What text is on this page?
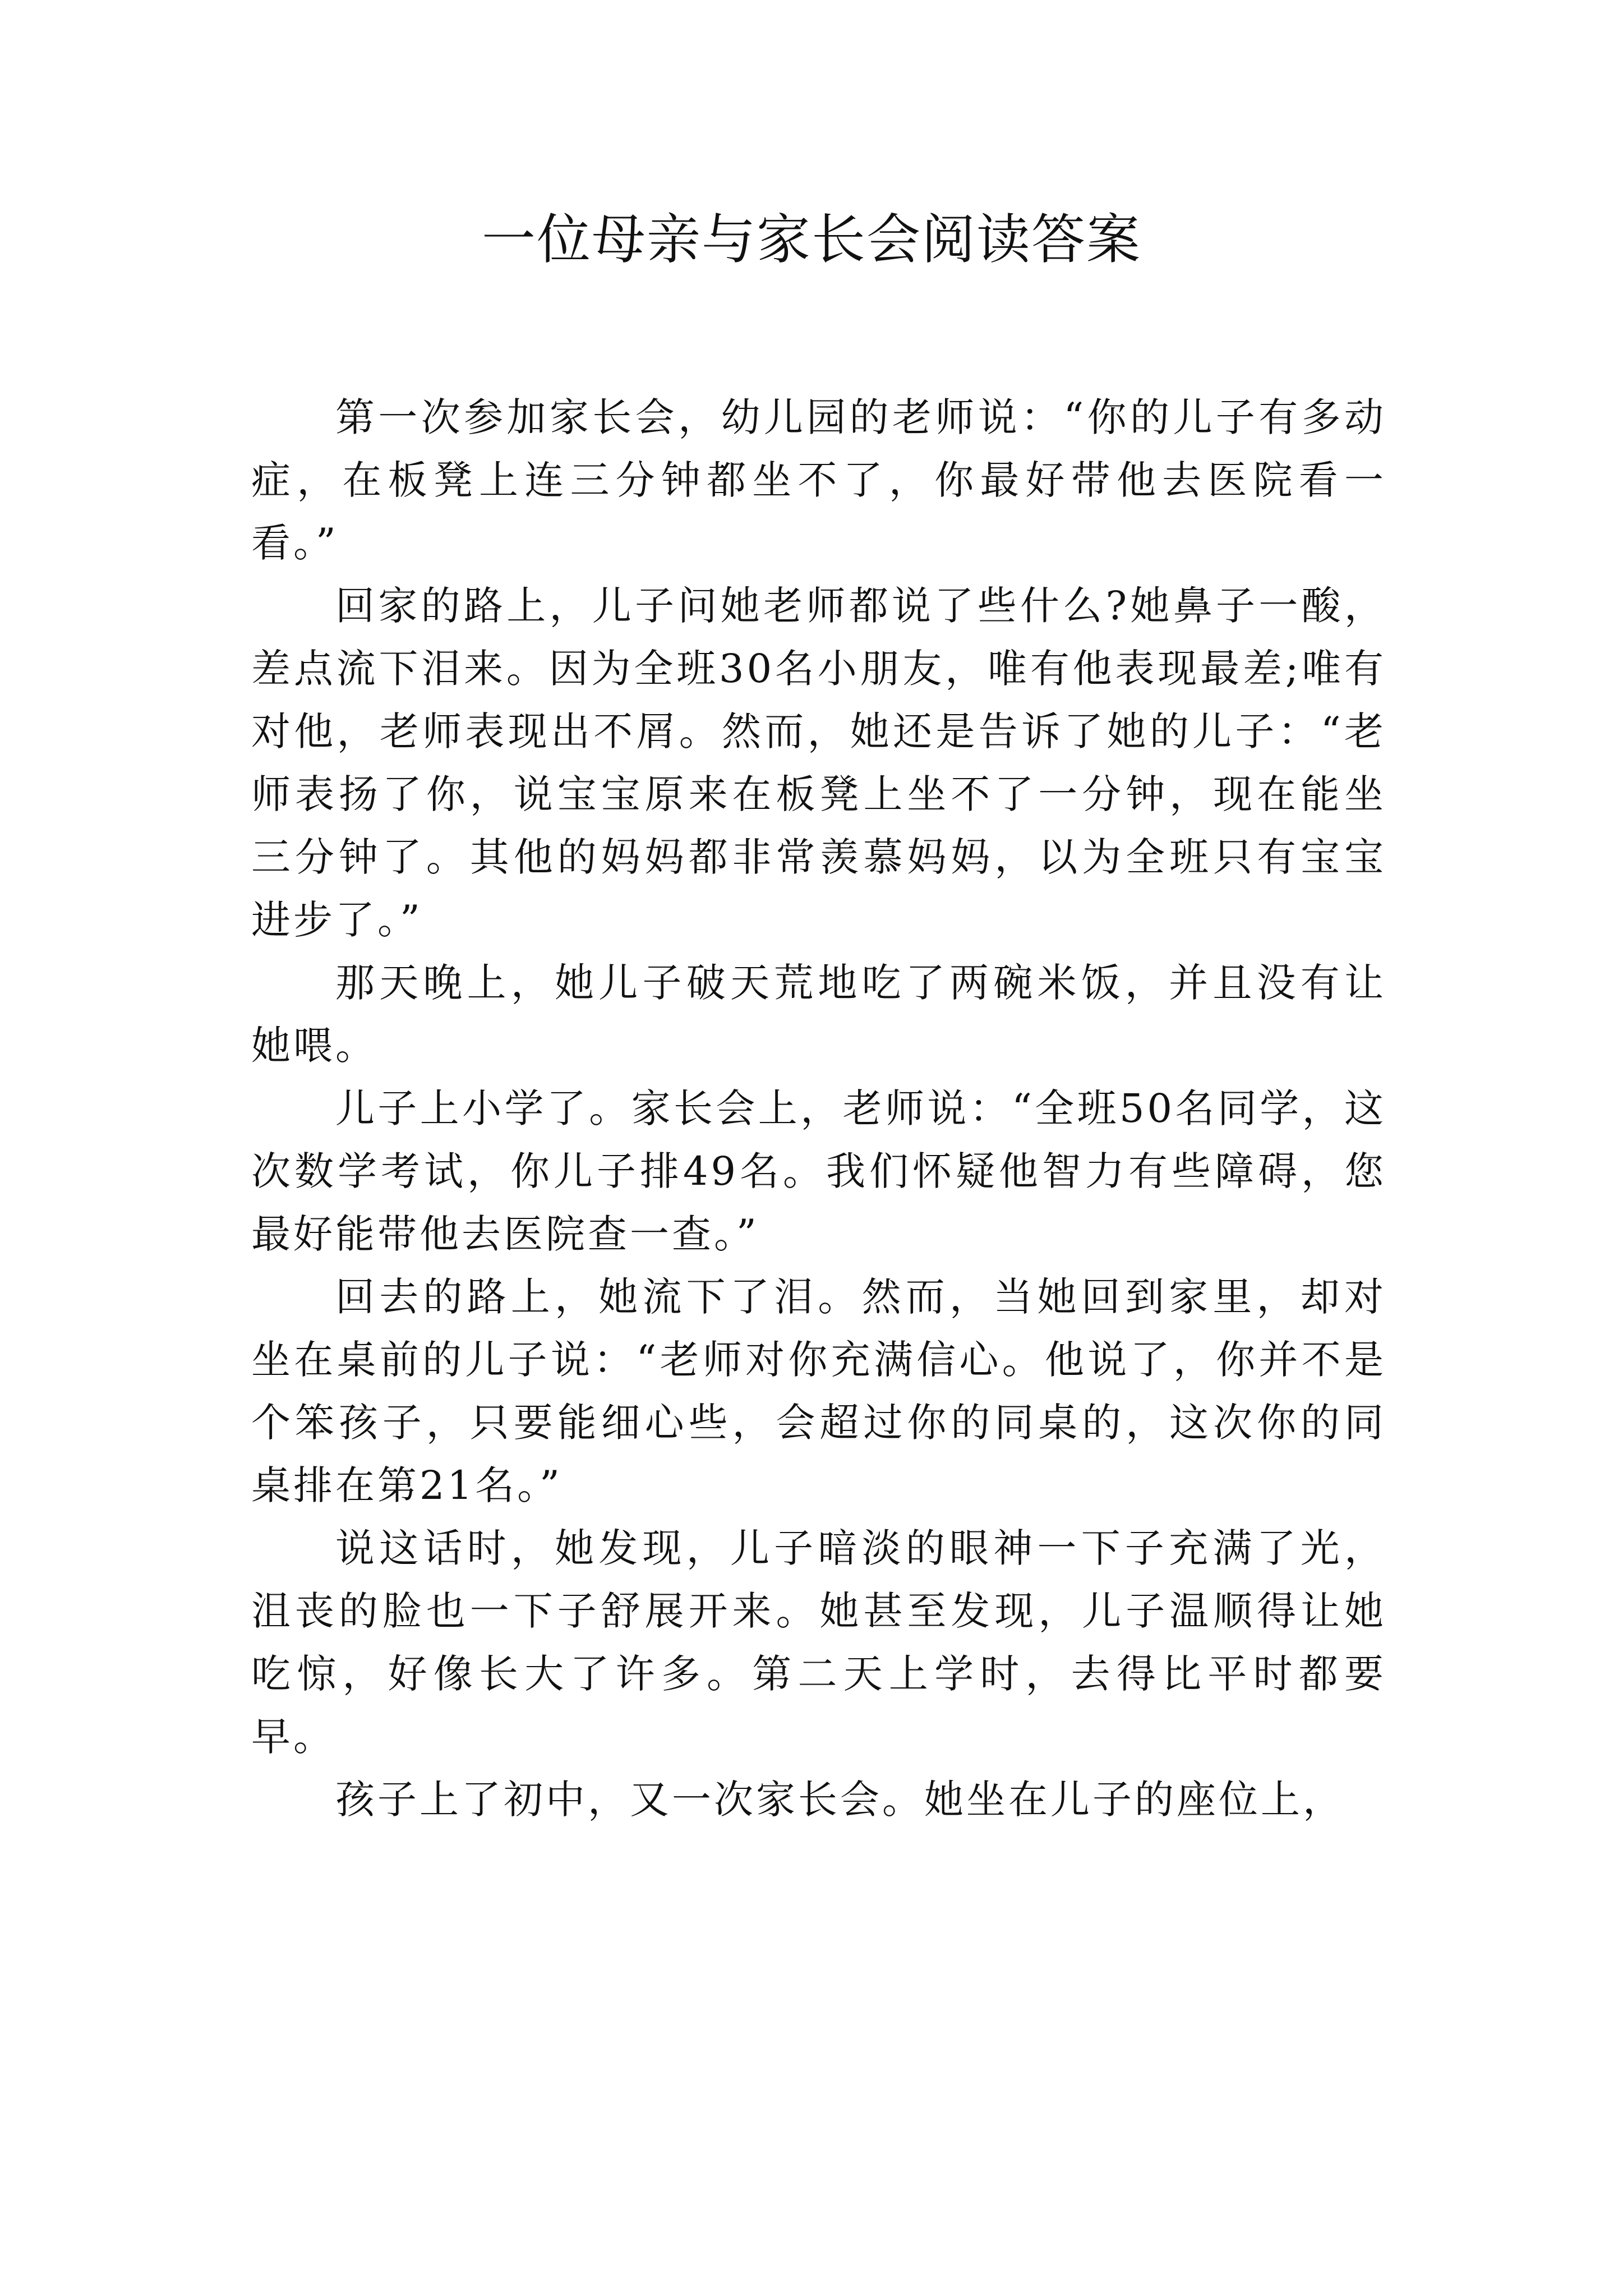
一位母亲与家长会阅读答案

第一次参加家长会，幼儿园的老师说：“你的儿子有多动症，在板凳上连三分钟都坐不了，你最好带他去医院看一看。”

回家的路上，儿子问她老师都说了些什么?她鼻子一酸，差点流下泪来。因为全班30名小朋友，唯有他表现最差;唯有对他，老师表现出不屑。然而，她还是告诉了她的儿子：“老师表扬了你，说宝宝原来在板凳上坐不了一分钟，现在能坐三分钟了。其他的妈妈都非常羡慕妈妈，以为全班只有宝宝进步了。”

那天晚上，她儿子破天荒地吃了两碗米饭，并且没有让她喂。

儿子上小学了。家长会上，老师说：“全班50名同学，这次数学考试，你儿子排49名。我们怀疑他智力有些障碍，您最好能带他去医院查一查。”

回去的路上，她流下了泪。然而，当她回到家里，却对坐在桌前的儿子说：“老师对你充满信心。他说了，你并不是个笨孩子，只要能细心些，会超过你的同桌的，这次你的同桌排在第21名。”

说这话时，她发现，儿子暗淡的眼神一下子充满了光，沮丧的脸也一下子舒展开来。她甚至发现，儿子温顺得让她吃惊，好像长大了许多。第二天上学时，去得比平时都要早。

孩子上了初中，又一次家长会。她坐在儿子的座位上，
